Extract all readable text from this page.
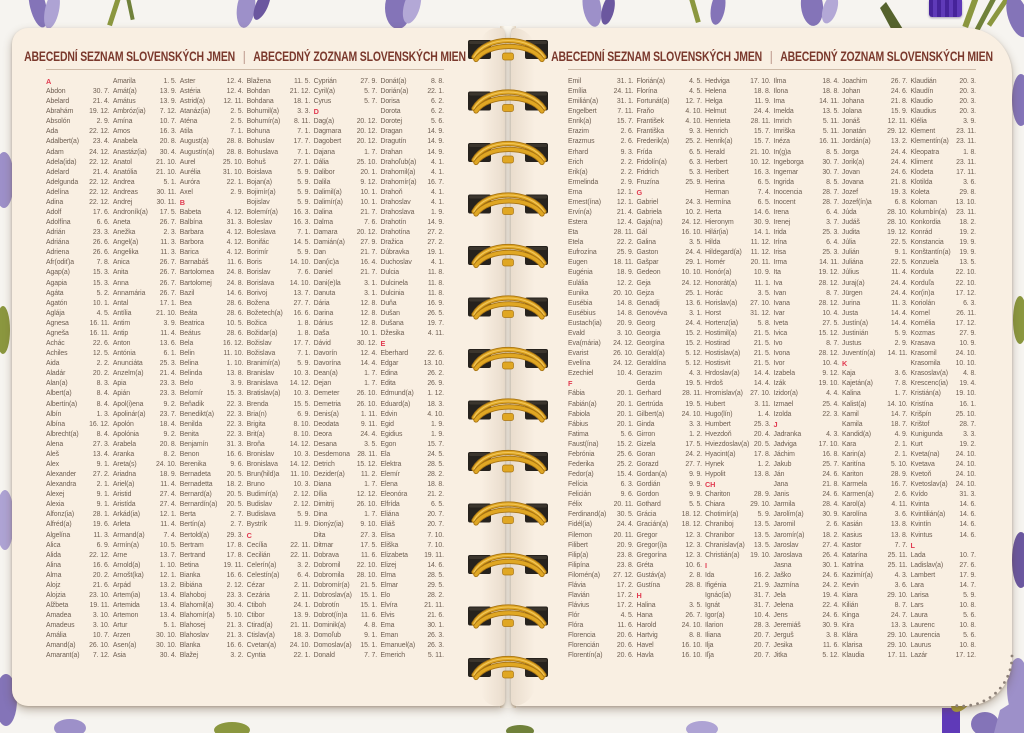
ABECEDNÍ SEZNAM SLOVENSKÝCH JMEN | ABECEDNÝ ZOZNAM SLOVENSKÝCH MIEN
A
Abdon	30. 7.
Abelard	21. 4.
Abrahám 19. 12.
Absolón	2. 9.
Ada	22. 12.
Adalbert(a) 23. 4.
Adam	24. 12.
Adela(ida) 22. 12.
Adelard	21. 4.
Adelgunda 22. 12.
Adelína	22. 12.
Adina	22. 12.
Adolf	17. 6.
Adolfína	6. 6.
Adrián	23. 3.
Adriána	26. 6.
Adriena	26. 6.
Afr(odiť)a	7. 8.
Agap(a)	15. 3.
Agapia	15. 3.
Agáta	5. 2.
Agatón	10. 1.
Aglája	4. 5.
Agnesa	16. 11.
Agneša	16. 11.
Achác	22. 6.
Achiles	12. 5.
Aida	2. 2.
Aladár	20. 2.
Alan(a)	8. 3.
Albert(a)	8. 4.
Albertín(a)	8. 4.
Albín	1. 3.
Albína	16. 12.
Albrecht(a)	8. 4.
Alena	27. 3.
Aleš	13. 4.
Alex	9. 1.
Alexander 27. 2.
Alexandra	2. 1.
Alexej	9. 1.
Alexia	9. 1.
Alfonz(ia)	28. 1.
Alfréd(a)	19. 6.
Algelína	11. 3.
Alica	6. 9.
Alida	22. 12.
Alina	16. 6.
Alma	20. 2.
Alojz	21. 6.
Alojzia	23. 10.
Alžbeta	19. 11.
Amadea	3. 10.
Amadeus	3. 10.
Amália	10. 7.
Amand(a) 26. 10.
Amarant(a) 7. 12.
Amarila	1. 5.
Amát(a)	13. 9.
Amátus	13. 9.
Ambróz(ia) 7. 12.
Amína	10. 7.
Amos	16. 3.
Anabela	20. 8.
Anastáz(ia) 30. 4.
Anatol	21. 10.
Anatólia	21. 10.
Andrea	5. 1.
Andreas	30. 11.
Andrej	30. 11.
Androník(a) 17. 5.
Aneta	26. 7.
Anežka	2. 3.
Angel(a)	11. 3.
Angelika	11. 3.
Anica	26. 7.
Anita	26. 7.
Anna	26. 7.
Annamária 26. 7.
Antal	17. 1.
Antília	21. 10.
Antim	3. 9.
Antip	11. 4.
Anton	13. 6.
Antónia	6. 1.
Anunciáta 25. 3.
Anzelm(a) 21. 4.
Apia	23. 3.
Apián	23. 3.
Apol(i)ena	9. 2.
Apolinár(a) 23. 7.
Apolón	18. 4.
Apolónia	9. 2.
Arabela	20. 8.
Aranka	8. 2.
Areta(s)	24. 10.
Ariadna	18. 9.
Ariel(a)	11. 4.
Aristid	27. 4.
Aristída	27. 4.
Arkád(ia)	12. 1.
Arleta	11. 4.
Armand(a)	7. 4.
Armín(a)	10. 5.
Arne	13. 7.
Arnold(a)	1. 10.
Arnošt(ka) 12. 1.
Arpád	13. 2.
Artem(ia)	13. 4.
Artemida	13. 4.
Artemon	13. 4.
Artur	5. 1.
Arzen	30. 10.
Asen(a)	30. 10.
Asia	30. 4.
Aster	12. 4.
Astéria	12. 4.
Astrid(a)	12. 11.
Atanáz(ia)	2. 5.
Aténa	2. 5.
Atila	7. 1.
August(a)	28. 8.
Augustín(a) 28. 8.
Aurel	25. 10.
Aurélia	31. 10.
Auróra	22. 1.
Axel	2. 9.
B
Babeta	4. 12.
Balbína	31. 3.
Barbara	4. 12.
Barbora	4. 12.
Barica	4. 12.
Barnabáš	11. 6.
Bartolomea 24. 8.
Bartolomej 24. 8.
Bazil	14. 6.
Bea	28. 6.
Beáta	28. 6.
Beatrica	10. 5.
Beátus	28. 6.
Bela	16. 12.
Belin	11. 10.
Belina	1. 10.
Belinda	13. 8.
Belo	3. 9.
Belomír	15. 3.
Beňadik	22. 3.
Benedikt(a) 22. 3.
Benilda	22. 3.
Benita	22. 3.
Benjamín	31. 3.
Benon	16. 6.
Berenika	9. 6.
Bernadeta 20. 5.
Bernadetta 18. 2.
Bernard(a) 20. 5.
Bernardín(a) 20. 5.
Berta	2. 7.
Bertín(a)	2. 7.
Bertold(a)	29. 3.
Bertram	17. 8.
Bertrand	17. 8.
Betina	19. 11.
Bianka	16. 6.
Bibiána	2. 12.
Blahoboj	23. 3.
Blahomil(a) 30. 4.
Blahomír(a) 5. 10.
Blahosej	21. 3.
Blahoslav	21. 3.
Blanka	16. 6.
Blažej	3. 2.
Blažena	11. 5.
Bohdan	21. 12.
Bohdana	18. 1.
Bohumil(a)	3. 3.
Bohumír(a) 8. 11.
Bohuna	7. 1.
Bohuslav	17. 7.
Bohuslava	7. 1.
Bohuš	27. 1.
Boislava	5. 9.
Bojan(a)	5. 9.
Bojimír(a)	5. 9.
Bojislav	5. 9.
Bolemír(a) 16. 3.
Boleslav	16. 3.
Boleslava	7. 1.
Bonifác	14. 5.
Borimír	5. 9.
Boris	14. 10.
Borislav	7. 6.
Borislava 14. 10.
Borivoj	13. 7.
Božena	27. 7.
Božetech(a) 16. 6.
Božica	1. 8.
Božidar(a)	1. 8.
Božislav	17. 7.
Božislava	7. 1.
Branimír(a) 5. 9.
Branislav	10. 3.
Branislava 14. 12.
Bratislav(a) 10. 3.
Brenda	15. 5.
Bria(n)	6. 9.
Brigita	8. 10.
Brit(a)	8. 10.
Broňa	14. 12.
Bronislav	10. 3.
Bronislava 14. 12.
Brun(hild)a 11. 10.
Bruno	10. 3.
Budimír(a) 2. 12.
Budislav	2. 12.
Budislava	5. 9.
Bystrík	11. 9.
C
Cecília	22. 11.
Cecilián	22. 11.
Celerín(a)	3. 2.
Celestín(a)	6. 4.
Cézar	2. 11.
Cezária	2. 11.
Ctiboh	24. 1.
Ctibor	13. 9.
Ctirad(a)	21. 11.
Ctislav(a)	18. 3.
Cvetan(a) 24. 10.
Cyntia	22. 1.
Cyprián	27. 9.
Cyril(a)	5. 7.
Cyrus	5. 7.
D
Dag(a)	20. 12.
Dagmara 20. 12.
Dagobert 20. 12.
Dajana	1. 7.
Dália	25. 10.
Dalibor	20. 1.
Dalila	9. 12.
Dalimil(a)	10. 1.
Dalimír(a)	10. 1.
Dalina	21. 7.
Dalma	7. 6.
Damara	20. 12.
Damián(a) 27. 9.
Dan	21. 7.
Dan(ic)a	16. 4.
Daniel	21. 7.
Dani(e)la	3. 1.
Danuta	3. 1.
Dária	12. 8.
Darina	12. 8.
Dárius	12. 8.
Daša	10. 1.
Dávid	30. 12.
Davorín	12. 4.
Davorína	14. 4.
Dean(a)	1. 7.
Dejan	1. 7.
Demeter	26. 10.
Demetria 26. 10.
Denis(a)	1. 11.
Deodata	9. 11.
Deora	24. 4.
Desana	3. 5.
Desdemona 28. 11.
Detrich	15. 12.
Dezider(a) 11. 2.
Diana	1. 7.
Dília	12. 12.
Dimitrij	26. 10.
Dina	1. 7.
Dionýz(ia) 9. 10.
Dita	27. 3.
Ditmar	17. 5.
Dobrava	11. 6.
Dobromil 22. 10.
Dobromila 28. 10.
Dobromír(a) 21. 5.
Dobroslav(a) 15. 1.
Dobrotín	15. 1.
Dobrot(ín)a 11. 6.
Dominik(a)	4. 8.
Domoľub	9. 1.
Domoslav(a) 15. 1.
Donald	7. 7.
Donát(a)	8. 8.
Dorián(a)	22. 1.
Dorisa	6. 2.
Dorota	6. 2.
Dorotej	5. 6.
Dragan	14. 9.
Dragutín	14. 9.
Drahan	14. 9.
Drahoľub(a) 4. 1.
Drahomil(a) 4. 1.
Drahomír(a) 16. 7.
Drahoň	4. 1.
Drahoslav	4. 1.
Drahoslava 1. 9.
Drahotín	14. 9.
Drahotína	27. 2.
Dražica	27. 2.
Dúbravka	19. 1.
Duchoslav	4. 1.
Dulcia	11. 8.
Dulcinela	11. 8.
Dulcinia	11. 8.
Duňa	16. 9.
Dušan	26. 5.
Dušana	19. 7.
Džesika	4. 11.
E
Eberhard	22. 6.
Edgar	13. 10.
Edina	26. 2.
Edita	26. 9.
Edmund(a) 1. 12.
Eduard(a) 18. 3.
Edvin	4. 10.
Egid	1. 9.
Egidius	1. 9.
Egon	15. 7.
Ela	24. 5.
Elektra	28. 5.
Elemír	28. 2.
Elena	18. 8.
Eleonóra	21. 2.
Elfrída	6. 5.
Eliána	20. 7.
Eliáš	20. 7.
Elisa	7. 10.
Eliška	7. 10.
Elizabeta 19. 11.
Elizej	14. 6.
Elma	28. 5.
Elmar	29. 5.
Elo	28. 2.
Elvíra	21. 11.
Elvis	21. 6.
Ema	30. 1.
Eman	26. 3.
Emanuel(a) 26. 3.
Emerich	5. 11.
ABECEDNÍ SEZNAM SLOVENSKÝCH JMEN | ABECEDNÝ ZOZNAM SLOVENSKÝCH MIEN
Emil	31. 1.
Emília	24. 11.
Emilián(a)	31. 1.
Engelbert	7. 11.
Enrik(a)	15. 7.
Erazim	2. 6.
Erazmus	2. 6.
Erhard	9. 3.
Erich	2. 2.
Erik(a)	2. 2.
Ermelinda	2. 9.
Erna	12. 1.
Ernest(ína) 12. 1.
Ervín(a)	21. 4.
Estera	12. 4.
Eta	28. 11.
Etela	22. 2.
Eufrozína	25. 9.
Eugen	18. 11.
Eugénia	18. 9.
Eulália	12. 2.
Eunika	20. 10.
Eusébia	14. 8.
Eusébius	14. 8.
Eustach(ia) 20. 9.
Evald	3. 10.
Eva(mária) 24. 12.
Evarist	26. 10.
Evelína	24. 12.
Ezechiel	10. 4.
F
Fábia	20. 1.
Fabián(a)	20. 1.
Fabiola	20. 1.
Fábius	20. 1.
Fatima	5. 6.
Faust(ína)	15. 2.
Febrónia	25. 6.
Federika	25. 2.
Fedor(a)	15. 4.
Felícia	6. 3.
Felicián	9. 6.
Félix	20. 11.
Ferdinand(a) 30. 5.
Fidél(ia)	24. 4.
Filemon	20. 11.
Filibert	20. 9.
Filip(a)	23. 8.
Filipína	23. 8.
Filomén(a) 27. 12.
Flávia	17. 2.
Flavián	17. 2.
Flávius	17. 2.
Flór	4. 5.
Flóra	11. 6.
Florencia	20. 6.
Florencián	20. 6.
Florentín(a) 20. 6.
Florián(a)	4. 5.
Florína	4. 5.
Fortunát(a) 12. 7.
Fraňo	4. 10.
František	4. 10.
Františka	9. 3.
Frederik(a) 25. 2.
Frída	6. 5.
Fridolín(a)	6. 3.
Fridrich	5. 3.
Fruzína	25. 9.
G
Gabriel	24. 3.
Gabriela	10. 2.
Gaja(na)	24. 12.
Gál	16. 10.
Galina	3. 5.
Gaston	24. 4.
Gašpar	29. 1.
Gedeon	10. 10.
Geja	24. 12.
Gejza	25. 1.
Genadij	13. 6.
Genovéva	3. 1.
Georg	24. 4.
Georgia	15. 2.
Georgína	15. 2.
Gerald(a)	5. 12.
Geraldína	5. 12.
Gerazim	4. 3.
Gerda	19. 5.
Gerhard	28. 11.
Gertrúda	19. 5.
Gilbert(a)	24. 10.
Ginda	3. 3.
Girron	1. 2.
Gizela	17. 5.
Goran	24. 2.
Gorazd	27. 7.
Gordan(a)	9. 9.
Gordián	9. 9.
Gordon	9. 9.
Gothard	5. 5.
Grácia	18. 12.
Gracián(a) 18. 12.
Gregor	12. 3.
Gregor(i)a	12. 3.
Gregorína	12. 3.
Gréta	10. 6.
Gustáv(a)	2. 8.
Gustína	28. 8.
H
Halina	3. 5.
Hana	26. 7.
Harold	24. 10.
Hartvig	8. 8.
Havel	16. 10.
Havla	16. 10.
Hedviga	17. 10.
Helena	18. 8.
Helga	11. 9.
Helmut	24. 4.
Henrieta	28. 11.
Henrich	15. 7.
Henrik(a)	15. 7.
Herald	21. 10.
Herbert	10. 12.
Heribert	16. 3.
Herina	6. 5.
Herman	7. 4.
Hermína	6. 5.
Herta	14. 6.
Hieronym	30. 9.
Hilár(ia)	14. 1.
Hilda	11. 12.
Hildegard(a) 11. 12.
Homér	20. 11.
Honór(a)	10. 9.
Honorát(a)	11. 1.
Horác	3. 5.
Horislav(a) 27. 10.
Horst	31. 12.
Hortenz(ia)	5. 8.
Hostimil(a) 21. 5.
Hostirad	21. 5.
Hostislav(a) 21. 5.
Hostisvit	21. 5.
Hrdoslav(a) 14. 4.
Hrdoš	14. 4.
Hromislav(a) 27. 10.
Hubert	3. 11.
Hugo(lín)	1. 4.
Humbert	25. 3.
Hvezdoň	20. 4.
Hviezdoslav(a) 20. 5.
Hyacint(a)	17. 8.
Hynek	1. 2.
Hypolit	13. 8.
CH
Chariton	28. 9.
Chiara	29. 10.
Chotimír(a)	5. 9.
Chraniboj	13. 5.
Chranibor	13. 5.
Chranislav(a) 13. 5.
Christián(a) 19. 10.
I
Ida	16. 2.
Ifigénia	21. 9.
Ignác(ia)	31. 7.
Ignát	31. 7.
Igor(a)	10. 4.
Ilarion	28. 3.
Iliana	20. 7.
Ilja	20. 7.
Iľja	20. 7.
Ilma	18. 4.
Ilona	18. 8.
Ima	14. 11.
Imelda	13. 5.
Imrich	5. 11.
Imriška	5. 11.
Inéza	16. 11.
In(g)a	8. 5.
Ingeborga	30. 7.
Ingemar	30. 7.
Ingrida	8. 5.
Inocencia	28. 7.
Inocent	28. 7.
Irena	6. 4.
Irenej	3. 7.
Irida	25. 3.
Irína	6. 4.
Irisa	25. 3.
Irma	14. 11.
Ita	19. 12.
Iva	28. 12.
Ivan	8. 7.
Ivana	28. 12.
Ivar	10. 4.
Iveta	27. 5.
Ivica	15. 12.
Ivo	8. 7.
Ivona	28. 12.
Ivor	10. 4.
Izabela	9. 12.
Izák	19. 10.
Izidor(a)	4. 4.
Izmael	25. 4.
Izolda	22. 3.
J
Jadranka	4. 3.
Jadviga	17. 10.
Jáchim	16. 8.
Jakub	25. 7.
Ján	24. 6.
Jana	21. 8.
Janis	24. 6.
Jarmila	28. 4.
Jarolím(a)	30. 9.
Jaromil	2. 6.
Jaromír(a)	18. 2.
Jaroslav	27. 4.
Jaroslava	26. 4.
Jasna	30. 1.
Jaško	24. 6.
Jazmína	24. 2.
Jela	19. 4.
Jelena	22. 4.
Jens	24. 6.
Jeremiáš	30. 9.
Jerguš	3. 8.
Jesika	11. 6.
Jitka	5. 12.
Joachim	26. 7.
Johan	24. 6.
Johana	21. 8.
Jolana	15. 9.
Jonáš	12. 11.
Jonatán	29. 12.
Jordán(a)	13. 2.
Jorga	24. 4.
Jorik(a)	24. 4.
Jovan	24. 6.
Jovana	21. 8.
Jozef	19. 3.
Jozef(ín)a	6. 8.
Júda	28. 10.
Judáš	28. 10.
Judita	19. 12.
Júlia	22. 5.
Julián	9. 1.
Juliána	22. 5.
Július	11. 4.
Juraj(a)	24. 4.
Jürgen	24. 4.
Jurina	11. 3.
Justa	14. 4.
Justín(a)	14. 4.
Justinián	5. 9.
Justus	2. 9.
Juventín(a) 14. 11.
K
Kaja	3. 6.
Kajetán(a)	7. 8.
Kalina	1. 7.
Kalist(a)	14. 10.
Kamil	14. 7.
Kamila	18. 7.
Kandid(a)	4. 9.
Kara	2. 1.
Karin(a)	2. 1.
Karitína	5. 10.
Kariton	28. 9.
Karmela	16. 7.
Karmen(a)	2. 6.
Karol(a)	4. 11.
Karolína	3. 6.
Kasián	13. 8.
Kasius	13. 8.
Kastor	7. 7.
Katarína	25. 11.
Katrína	25. 11.
Kazimír(a)	4. 3.
Kevin	3. 6.
Kiara	29. 10.
Kilián	8. 7.
Kinga	24. 7.
Kira	13. 3.
Klára	29. 10.
Klarisa	29. 10.
Klaudia	17. 11.
Klaudián	20. 3.
Klaudín	20. 3.
Klaudio	20. 3.
Klaudius	20. 3.
Klélia	3. 9.
Klement	23. 11.
Klementín(a) 23. 11.
Kleopatra	1. 8.
Kliment	23. 11.
Klodeta	17. 11.
Klotilda	3. 6.
Koleta	29. 8.
Koloman	13. 10.
Kolumbín(a) 23. 11.
Konkordia	18. 2.
Konrád	19. 2.
Konstancia 19. 9.
Konštantín(a) 19. 9.
Konzuela	13. 5.
Kordula	22. 10.
Korduľa	22. 10.
Kor(in)a	17. 12.
Koriolán	6. 3.
Kornel	26. 11.
Kornélia	17. 12.
Kozmas	27. 9.
Krasava	10. 9.
Krasomil	24. 10.
Krasomila 10. 10.
Krasoslav(a) 4. 8.
Krescenc(ia) 19. 4.
Kristián(a) 19. 10.
Kristína	16. 1.
Krišpín	25. 10.
Krištof	28. 7.
Kunigunda	3. 3.
Kurt	19. 2.
Kveta(na) 24. 10.
Kvetava	24. 10.
Kvetoň	24. 10.
Kvetoslav(a) 24. 10.
Kvído	31. 3.
Kvinta	14. 6.
Kvintilián(a) 14. 6.
Kvintín	14. 6.
Kvintus	14. 6.
L
Lada	10. 7.
Ladislav(a) 27. 6.
Lambert	17. 9.
Lara	14. 7.
Larisa	5. 9.
Lars	10. 8.
Laura	5. 6.
Laurenc	10. 8.
Laurencia	5. 6.
Laurus	10. 8.
Lazár	17. 12.
